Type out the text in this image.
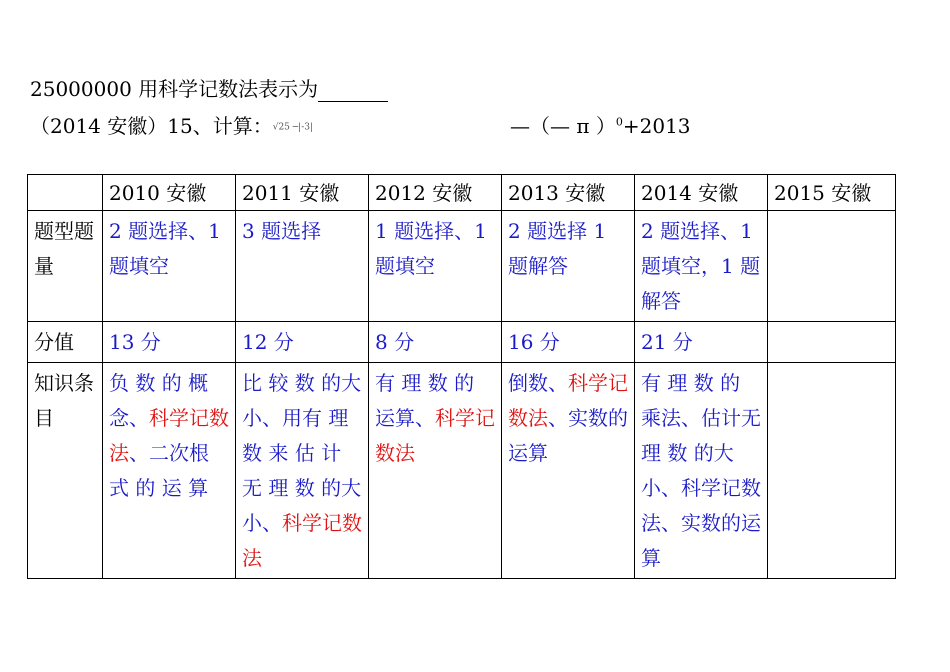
25000000 用科学记数法表示为
（2014 安徽）15、计算：√25 ─|-3|	—（— π ）$^0$+2013
	2010 安徽	2011 安徽	2012 安徽	2013 安徽	2014 安徽	2015 安徽
题型题量	2 题选择、1 题填空	3 题选择	1 题选择、1 题填空	2 题选择 1 题解答	2 题选择、1 题填空，1 题解答	
分值	13 分	12 分	8 分	16 分	21 分	
知识条目	负 数 的 概 念、科学记数法、二次根 式 的 运 算	比 较 数 的大小、用有 理 数 来 估 计 无 理 数 的大小、科学记数法	有 理 数 的 运算、科学记数法	倒数、科学记数法、实数的运算	有 理 数 的 乘法、估计无 理 数 的大小、科学记数法、实数的运算	
